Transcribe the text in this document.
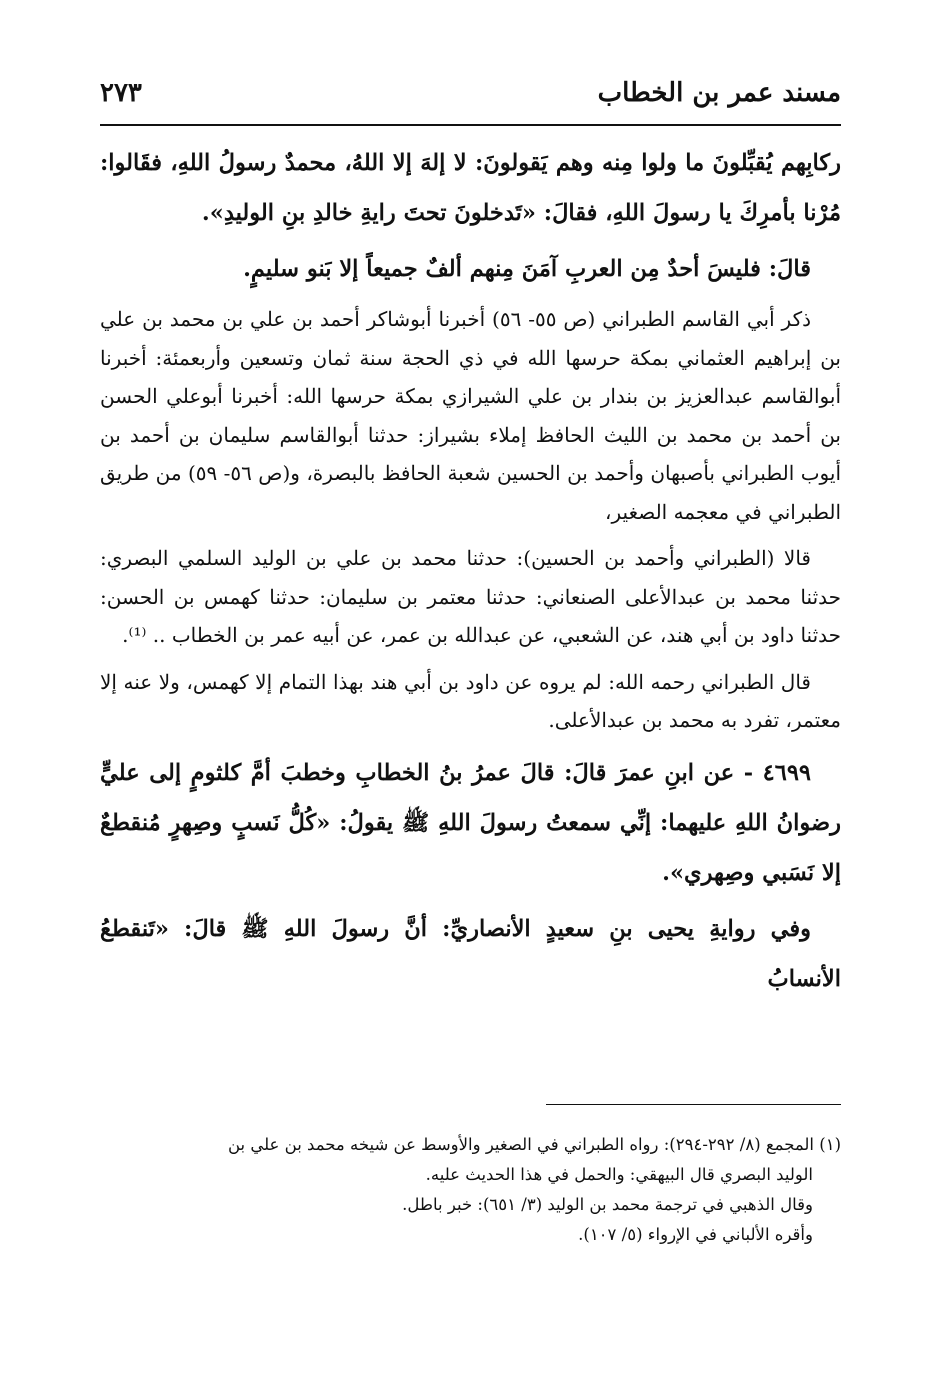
مسند عمر بن الخطاب
٢٧٣

ركابِهم يُقبِّلونَ ما ولوا مِنه وهم يَقولونَ: لا إلهَ إلا اللهُ، محمدٌ رسولُ اللهِ، فقَالوا: مُرْنا بأمرِكَ يا رسولَ اللهِ، فقالَ: «تَدخلونَ تحتَ رايةِ خالدِ بنِ الوليدِ».

قالَ: فليسَ أحدٌ مِن العربِ آمَنَ مِنهم ألفٌ جميعاً إلا بَنو سليمٍ.

ذكر أبي القاسم الطبراني (ص ٥٥- ٥٦) أخبرنا أبوشاكر أحمد بن علي بن محمد بن علي بن إبراهيم العثماني بمكة حرسها الله في ذي الحجة سنة ثمان وتسعين وأربعمئة: أخبرنا أبوالقاسم عبدالعزيز بن بندار بن علي الشيرازي بمكة حرسها الله: أخبرنا أبوعلي الحسن بن أحمد بن محمد بن الليث الحافظ إملاء بشيراز: حدثنا أبوالقاسم سليمان بن أحمد بن أيوب الطبراني بأصبهان وأحمد بن الحسين شعبة الحافظ بالبصرة، و(ص ٥٦- ٥٩) من طريق الطبراني في معجمه الصغير،

قالا (الطبراني وأحمد بن الحسين): حدثنا محمد بن علي بن الوليد السلمي البصري: حدثنا محمد بن عبدالأعلى الصنعاني: حدثنا معتمر بن سليمان: حدثنا كهمس بن الحسن: حدثنا داود بن أبي هند، عن الشعبي، عن عبدالله بن عمر، عن أبيه عمر بن الخطاب .. ⁽¹⁾.

قال الطبراني رحمه الله: لم يروه عن داود بن أبي هند بهذا التمام إلا كهمس، ولا عنه إلا معتمر، تفرد به محمد بن عبدالأعلى.

٤٦٩٩ - عن ابنِ عمرَ قالَ: قالَ عمرُ بنُ الخطابِ وخطبَ أمَّ كلثومٍ إلى عليٍّ رضوانُ اللهِ عليهما: إنِّي سمعتُ رسولَ اللهِ ﷺ يقولُ: «كُلُّ نَسبٍ وصِهرٍ مُنقطعٌ إلا نَسَبي وصِهري».

وفي روايةِ يحيى بنِ سعيدٍ الأنصاريِّ: أنَّ رسولَ اللهِ ﷺ قالَ: «تَنقطعُ الأنسابُ

(١) المجمع (٨/ ٢٩٢-٢٩٤): رواه الطبراني في الصغير والأوسط عن شيخه محمد بن علي بن

الوليد البصري قال البيهقي: والحمل في هذا الحديث عليه.

وقال الذهبي في ترجمة محمد بن الوليد (٣/ ٦٥١): خبر باطل.

وأقره الألباني في الإرواء (٥/ ١٠٧).
